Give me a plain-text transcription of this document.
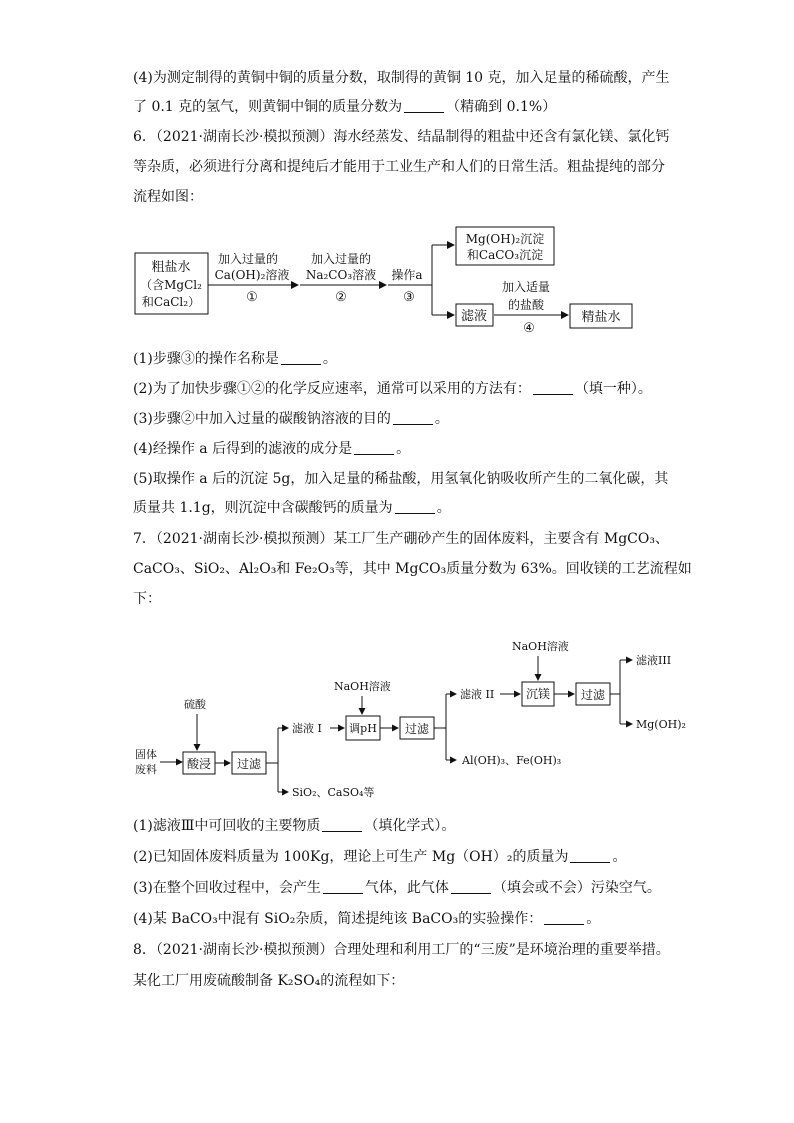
(4)为测定制得的黄铜中铜的质量分数，取制得的黄铜 10 克，加入足量的稀硫酸，产生
了 0.1 克的氢气，则黄铜中铜的质量分数为	（精确到 0.1%）
6．（2021·湖南长沙·模拟预测）海水经蒸发、结晶制得的粗盐中还含有氯化镁、氯化钙
等杂质，必须进行分离和提纯后才能用于工业生产和人们的日常生活。粗盐提纯的部分
流程如图：
粗盐水
（含MgCl₂
和CaCl₂）
加入过量的
Ca(OH)₂溶液
①
加入过量的
Na₂CO₃溶液
②
操作a
③
Mg(OH)₂沉淀
和CaCO₃沉淀
滤液
加入适量
的盐酸
④
精盐水
(1)步骤③的操作名称是	。
(2)为了加快步骤①②的化学反应速率，通常可以采用的方法有：	（填一种）。
(3)步骤②中加入过量的碳酸钠溶液的目的	。
(4)经操作 a 后得到的滤液的成分是	。
(5)取操作 a 后的沉淀 5g，加入足量的稀盐酸，用氢氧化钠吸收所产生的二氧化碳，其
质量共 1.1g，则沉淀中含碳酸钙的质量为	。
7．（2021·湖南长沙·模拟预测）某工厂生产硼砂产生的固体废料，主要含有 MgCO₃、
CaCO₃、SiO₂、Al₂O₃和 Fe₂O₃等，其中 MgCO₃质量分数为 63%。回收镁的工艺流程如
下：
固体
废料
硫酸
酸浸 过滤
滤液 I
SiO₂、CaSO₄等
NaOH溶液
调pH 过滤
滤液 II
Al(OH)₃、Fe(OH)₃
NaOH溶液
沉镁	过滤
滤液III
Mg(OH)₂
(1)滤液Ⅲ中可回收的主要物质	（填化学式）。
(2)已知固体废料质量为 100Kg，理论上可生产 Mg（OH）₂的质量为	。
(3)在整个回收过程中，会产生	气体，此气体	（填会或不会）污染空气。
(4)某 BaCO₃中混有 SiO₂杂质，简述提纯该 BaCO₃的实验操作：	。
8．（2021·湖南长沙·模拟预测）合理处理和利用工厂的“三废”是环境治理的重要举措。
某化工厂用废硫酸制备 K₂SO₄的流程如下：
